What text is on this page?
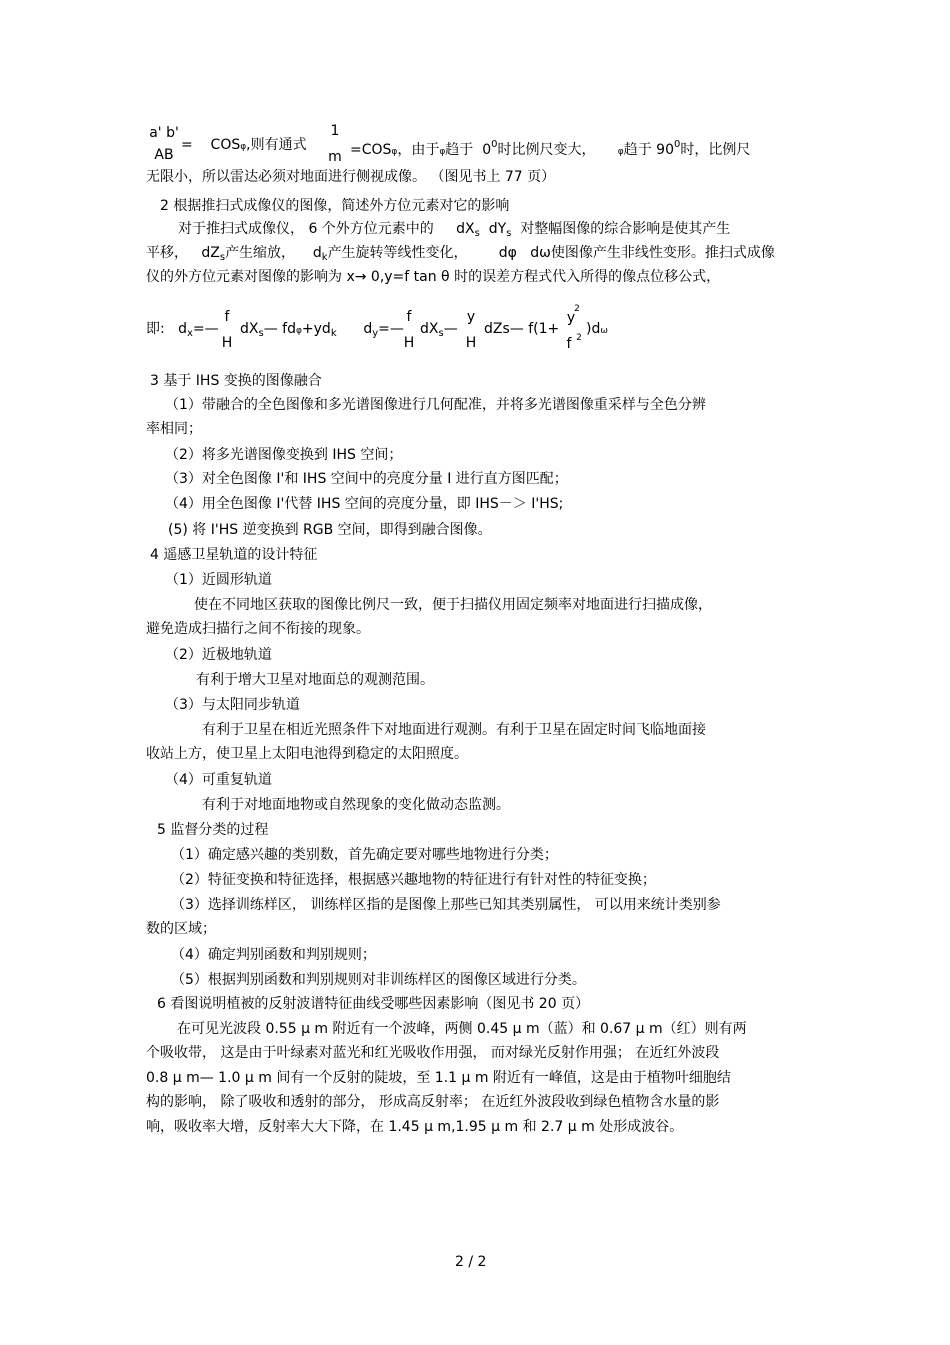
a' b'
AB
= COSφ,则有通式
1
m =COSφ，由于φ趋于 $0^0$时比例尺变大， φ趋于 $90^0$时，比例尺
无限小，所以雷达必须对地面进行侧视成像。 （图见书上 77 页）
2 根据推扫式成像仪的图像，简述外方位元素对它的影响
对于推扫式成像仪， 6 个外方位元素中的 $dX_s$ $dY_s$ 对整幅图像的综合影响是使其产生
平移， $dZ_s$产生缩放， $d_k$产生旋转等线性变化， dφ dω使图像产生非线性变形。推扫式成像
仪的外方位元素对图像的影响为 x→ 0,y=f tan θ 时的误差方程式代入所得的像点位移公式，
即: $d_x=—$
f
H
$dX_s—$ $fd\varphi+yd_k$ $d_y=—$
f
H
$dX_s—$
y
H
dZs— f(1+
y
2
f 2
)dω
3 基于 IHS 变换的图像融合
（1）带融合的全色图像和多光谱图像进行几何配准，并将多光谱图像重采样与全色分辨
率相同；
（2）将多光谱图像变换到 IHS 空间；
（3）对全色图像 I'和 IHS 空间中的亮度分量 I 进行直方图匹配；
（4）用全色图像 I'代替 IHS 空间的亮度分量，即 IHS－＞ I'HS;
(5) 将 I'HS 逆变换到 RGB 空间，即得到融合图像。
4 遥感卫星轨道的设计特征
（1）近圆形轨道
使在不同地区获取的图像比例尺一致，便于扫描仪用固定频率对地面进行扫描成像，
避免造成扫描行之间不衔接的现象。
（2）近极地轨道
有利于增大卫星对地面总的观测范围。
（3）与太阳同步轨道
有利于卫星在相近光照条件下对地面进行观测。有利于卫星在固定时间飞临地面接
收站上方，使卫星上太阳电池得到稳定的太阳照度。
（4）可重复轨道
有利于对地面地物或自然现象的变化做动态监测。
5 监督分类的过程
（1）确定感兴趣的类别数，首先确定要对哪些地物进行分类；
（2）特征变换和特征选择，根据感兴趣地物的特征进行有针对性的特征变换；
（3）选择训练样区， 训练样区指的是图像上那些已知其类别属性， 可以用来统计类别参
数的区域；
（4）确定判别函数和判别规则；
（5）根据判别函数和判别规则对非训练样区的图像区域进行分类。
6 看图说明植被的反射波谱特征曲线受哪些因素影响（图见书 20 页）
在可见光波段 0.55 μ m 附近有一个波峰，两侧 0.45 μ m（蓝）和 0.67 μ m（红）则有两
个吸收带， 这是由于叶绿素对蓝光和红光吸收作用强， 而对绿光反射作用强； 在近红外波段
0.8 μ m— 1.0 μ m 间有一个反射的陡坡，至 1.1 μ m 附近有一峰值，这是由于植物叶细胞结
构的影响， 除了吸收和透射的部分， 形成高反射率； 在近红外波段收到绿色植物含水量的影
响，吸收率大增，反射率大大下降，在 1.45 μ m,1.95 μ m 和 2.7 μ m 处形成波谷。
2 / 2
